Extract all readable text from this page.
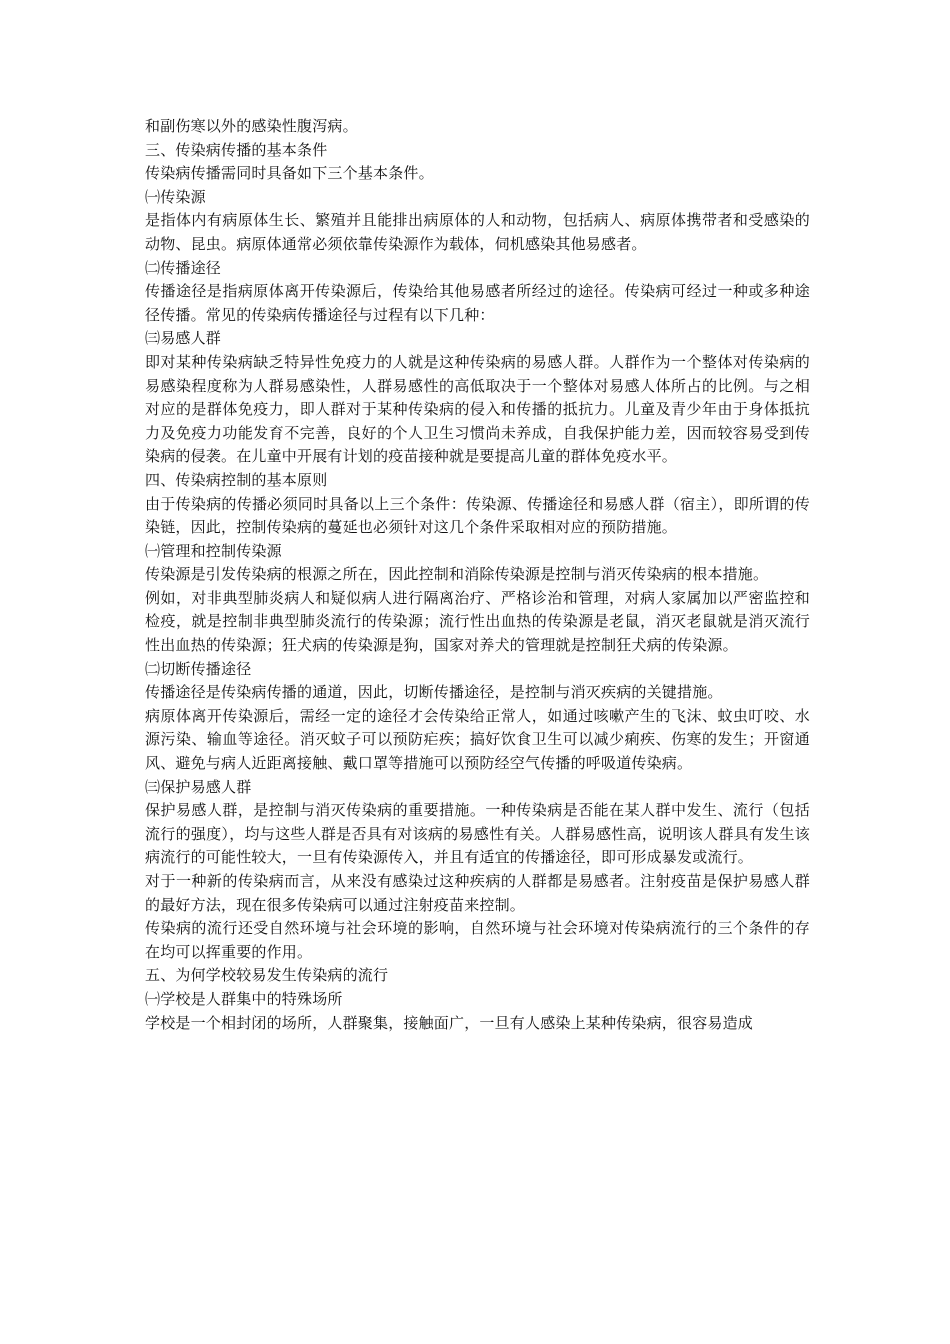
和副伤寒以外的感染性腹泻病。

三、传染病传播的基本条件

传染病传播需同时具备如下三个基本条件。

㈠传染源

是指体内有病原体生长、繁殖并且能排出病原体的人和动物，包括病人、病原体携带者和受感染的动物、昆虫。病原体通常必须依靠传染源作为载体，伺机感染其他易感者。

㈡传播途径

传播途径是指病原体离开传染源后，传染给其他易感者所经过的途径。传染病可经过一种或多种途径传播。常见的传染病传播途径与过程有以下几种：

㈢易感人群

即对某种传染病缺乏特异性免疫力的人就是这种传染病的易感人群。人群作为一个整体对传染病的易感染程度称为人群易感染性，人群易感性的高低取决于一个整体对易感人体所占的比例。与之相对应的是群体免疫力，即人群对于某种传染病的侵入和传播的抵抗力。儿童及青少年由于身体抵抗力及免疫力功能发育不完善，良好的个人卫生习惯尚未养成，自我保护能力差，因而较容易受到传染病的侵袭。在儿童中开展有计划的疫苗接种就是要提高儿童的群体免疫水平。

四、传染病控制的基本原则

由于传染病的传播必须同时具备以上三个条件：传染源、传播途径和易感人群（宿主），即所谓的传染链，因此，控制传染病的蔓延也必须针对这几个条件采取相对应的预防措施。

㈠管理和控制传染源

传染源是引发传染病的根源之所在，因此控制和消除传染源是控制与消灭传染病的根本措施。

例如，对非典型肺炎病人和疑似病人进行隔离治疗、严格诊治和管理，对病人家属加以严密监控和检疫，就是控制非典型肺炎流行的传染源；流行性出血热的传染源是老鼠，消灭老鼠就是消灭流行性出血热的传染源；狂犬病的传染源是狗，国家对养犬的管理就是控制狂犬病的传染源。

㈡切断传播途径

传播途径是传染病传播的通道，因此，切断传播途径，是控制与消灭疾病的关键措施。

病原体离开传染源后，需经一定的途径才会传染给正常人，如通过咳嗽产生的飞沫、蚊虫叮咬、水源污染、输血等途径。消灭蚊子可以预防疟疾；搞好饮食卫生可以减少痢疾、伤寒的发生；开窗通风、避免与病人近距离接触、戴口罩等措施可以预防经空气传播的呼吸道传染病。

㈢保护易感人群

保护易感人群，是控制与消灭传染病的重要措施。一种传染病是否能在某人群中发生、流行（包括流行的强度），均与这些人群是否具有对该病的易感性有关。人群易感性高，说明该人群具有发生该病流行的可能性较大，一旦有传染源传入，并且有适宜的传播途径，即可形成暴发或流行。

对于一种新的传染病而言，从来没有感染过这种疾病的人群都是易感者。注射疫苗是保护易感人群的最好方法，现在很多传染病可以通过注射疫苗来控制。

传染病的流行还受自然环境与社会环境的影响，自然环境与社会环境对传染病流行的三个条件的存在均可以挥重要的作用。

五、为何学校较易发生传染病的流行

㈠学校是人群集中的特殊场所

学校是一个相封闭的场所，人群聚集，接触面广，一旦有人感染上某种传染病，很容易造成
